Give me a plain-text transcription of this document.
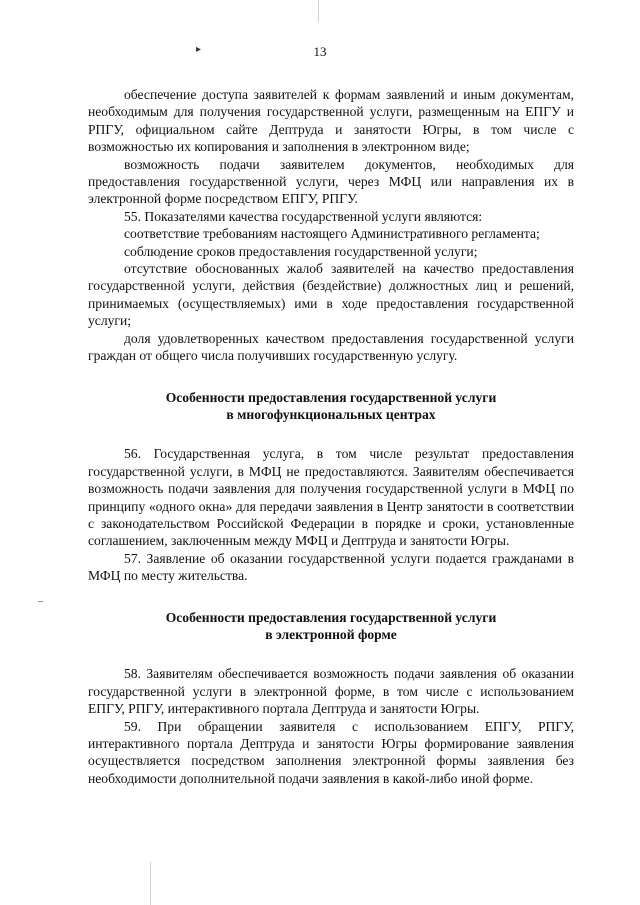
▸
–
13

обеспечение доступа заявителей к формам заявлений и иным документам, необходимым для получения государственной услуги, размещенным на ЕПГУ и РПГУ, официальном сайте Дептруда и занятости Югры, в том числе с возможностью их копирования и заполнения в электронном виде;

возможность подачи заявителем документов, необходимых для предоставления государственной услуги, через МФЦ или направления их в электронной форме посредством ЕПГУ, РПГУ.

55. Показателями качества государственной услуги являются:

соответствие требованиям настоящего Административного регламента;

соблюдение сроков предоставления государственной услуги;

отсутствие обоснованных жалоб заявителей на качество предоставления государственной услуги, действия (бездействие) должностных лиц и решений, принимаемых (осуществляемых) ими в ходе предоставления государственной услуги;

доля удовлетворенных качеством предоставления государственной услуги граждан от общего числа получивших государственную услугу.

Особенности предоставления государственной услуги
в многофункциональных центрах

56. Государственная услуга, в том числе результат предоставления государственной услуги, в МФЦ не предоставляются. Заявителям обеспечивается возможность подачи заявления для получения государственной услуги в МФЦ по принципу «одного окна» для передачи заявления в Центр занятости в соответствии с законодательством Российской Федерации в порядке и сроки, установленные соглашением, заключенным между МФЦ и Дептруда и занятости Югры.

57. Заявление об оказании государственной услуги подается гражданами в МФЦ по месту жительства.

Особенности предоставления государственной услуги
в электронной форме

58. Заявителям обеспечивается возможность подачи заявления об оказании государственной услуги в электронной форме, в том числе с использованием ЕПГУ, РПГУ, интерактивного портала Дептруда и занятости Югры.

59. При обращении заявителя с использованием ЕПГУ, РПГУ, интерактивного портала Дептруда и занятости Югры формирование заявления осуществляется посредством заполнения электронной формы заявления без необходимости дополнительной подачи заявления в какой-либо иной форме.
